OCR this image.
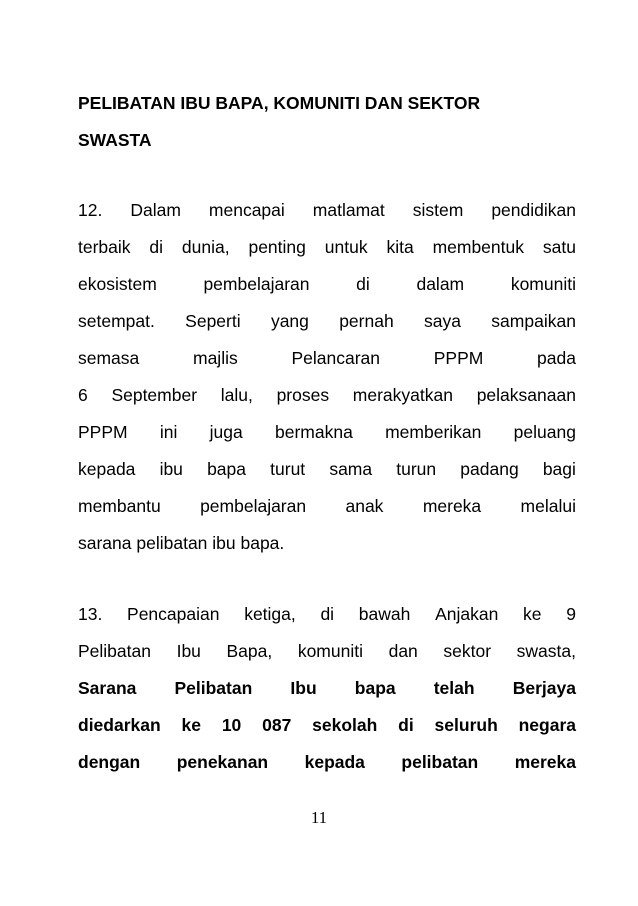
PELIBATAN IBU BAPA, KOMUNITI DAN SEKTOR
SWASTA
12. Dalam mencapai matlamat sistem pendidikan
terbaik di dunia, penting untuk kita membentuk satu
ekosistem	pembelajaran	di	dalam	komuniti
setempat. Seperti yang pernah saya sampaikan
semasa	majlis	Pelancaran	PPPM	pada
6 September lalu, proses merakyatkan pelaksanaan
PPPM ini juga bermakna memberikan peluang
kepada ibu bapa turut sama turun padang bagi
membantu pembelajaran anak mereka melalui
sarana pelibatan ibu bapa.
13. Pencapaian ketiga, di bawah Anjakan ke 9
Pelibatan Ibu Bapa, komuniti dan sektor swasta,
Sarana Pelibatan Ibu bapa telah Berjaya
diedarkan ke 10 087 sekolah di seluruh negara
dengan penekanan kepada pelibatan mereka
11
